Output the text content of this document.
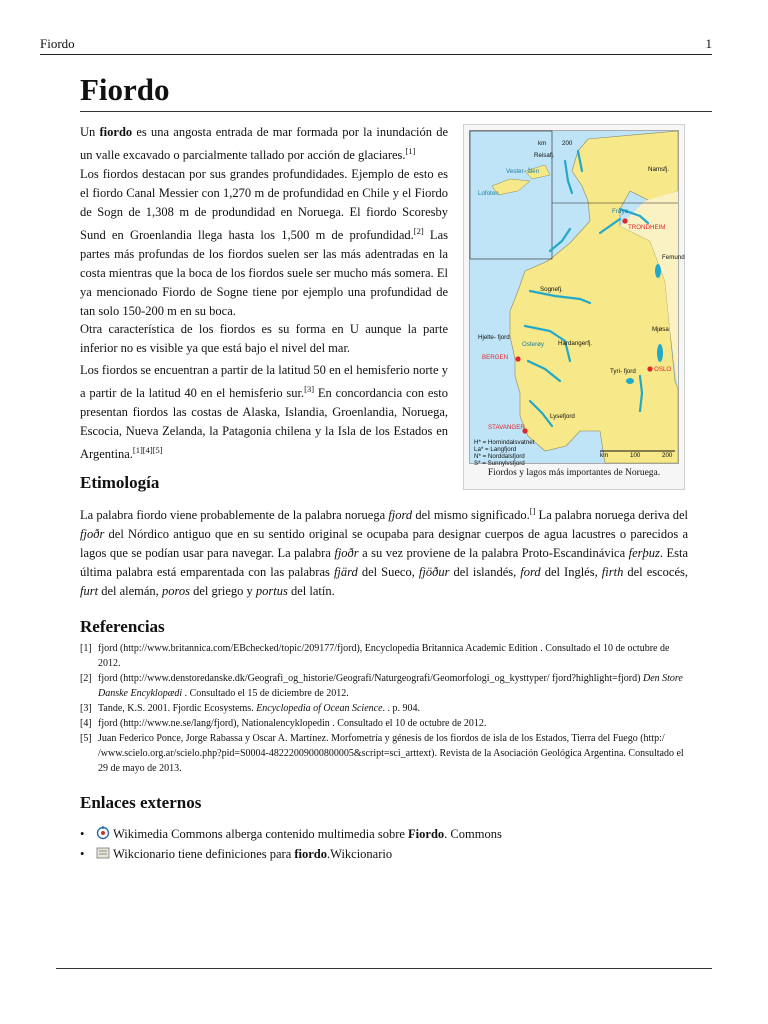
Fiordo	1
Fiordo

Un fiordo es una angosta entrada de mar formada por la inundación de un valle excavado o parcialmente tallado por acción de glaciares.[1]

Los fiordos destacan por sus grandes profundidades. Ejemplo de esto es el fiordo Canal Messier con 1,270 m de profundidad en Chile y el Fiordo de Sogn de 1,308 m de produndidad en Noruega. El fiordo Scoresby Sund en Groenlandia llega hasta los 1,500 m de profundidad.[2] Las partes más profundas de los fiordos suelen ser las más adentradas en la costa mientras que la boca de los fiordos suele ser mucho más somera. El ya mencionado Fiordo de Sogne tiene por ejemplo una profundidad de tan solo 150-200 m en su boca.

Otra característica de los fiordos es su forma en U aunque la parte inferior no es visible ya que está bajo el nivel del mar.

Los fiordos se encuentran a partir de la latitud 50 en el hemisferio norte y a partir de la latitud 40 en el hemisferio sur.[3] En concordancia con esto presentan fiordos las costas de Alaska, Islandia, Groenlandia, Noruega, Escocia, Nueva Zelanda, la Patagonia chilena y la Isla de los Estados en Argentina.[1][4][5]

km	200
Reisafj.
Vester- ålen
Lofoten
Namsfj.
Frøya
TRONDHEIM
Sognefj.
Hjelte- fjord
Osterøy Hardangerfj.
BERGEN
Tyri- fjord	OSLO
Mjøsa
Femund
Lysefjord
STAVANGER
H* = Hornindalsvatnet
La* = Langfjord
N* = Norddalsfjord
S* = Sunnylvsfjord
km	100	200
Fiordos y lagos más importantes de Noruega.
Etimología

La palabra fiordo viene probablemente de la palabra noruega fjord del mismo significado.[] La palabra noruega deriva del fjoðr del Nórdico antiguo que en su sentido original se ocupaba para designar cuerpos de agua lacustres o parecidos a lagos que se podían usar para navegar. La palabra fjoðr a su vez proviene de la palabra Proto-Escandinávica ferþuz. Esta última palabra está emparentada con las palabras fjärd del Sueco, fjöður del islandés, ford del Inglés, firth del escocés, furt del alemán, poros del griego y portus del latín.

Referencias
[1] fjord (http://www.britannica.com/EBchecked/topic/209177/fjord), Encyclopedia Britannica Academic Edition . Consultado el 10 de octubre de 2012.
[2] fjord (http://www.denstoredanske.dk/Geografi_og_historie/Geografi/Naturgeografi/Geomorfologi_og_kysttyper/ fjord?highlight=fjord) Den Store Danske Encyklopædi . Consultado el 15 de diciembre de 2012.
[3] Tande, K.S. 2001. Fjordic Ecosystems. Encyclopedia of Ocean Science. . p. 904.
[4] fjord (http://www.ne.se/lang/fjord), Nationalencyklopedin . Consultado el 10 de octubre de 2012.
[5] Juan Federico Ponce, Jorge Rabassa y Oscar A. Martínez. Morfometría y génesis de los fiordos de isla de los Estados, Tierra del Fuego (http:/ /www.scielo.org.ar/scielo.php?pid=S0004-48222009000800005&script=sci_arttext). Revista de la Asociación Geológica Argentina. Consultado el 29 de mayo de 2013.
Enlaces externos
• Wikimedia Commons alberga contenido multimedia sobre Fiordo. Commons
• Wikcionario tiene definiciones para fiordo.Wikcionario
